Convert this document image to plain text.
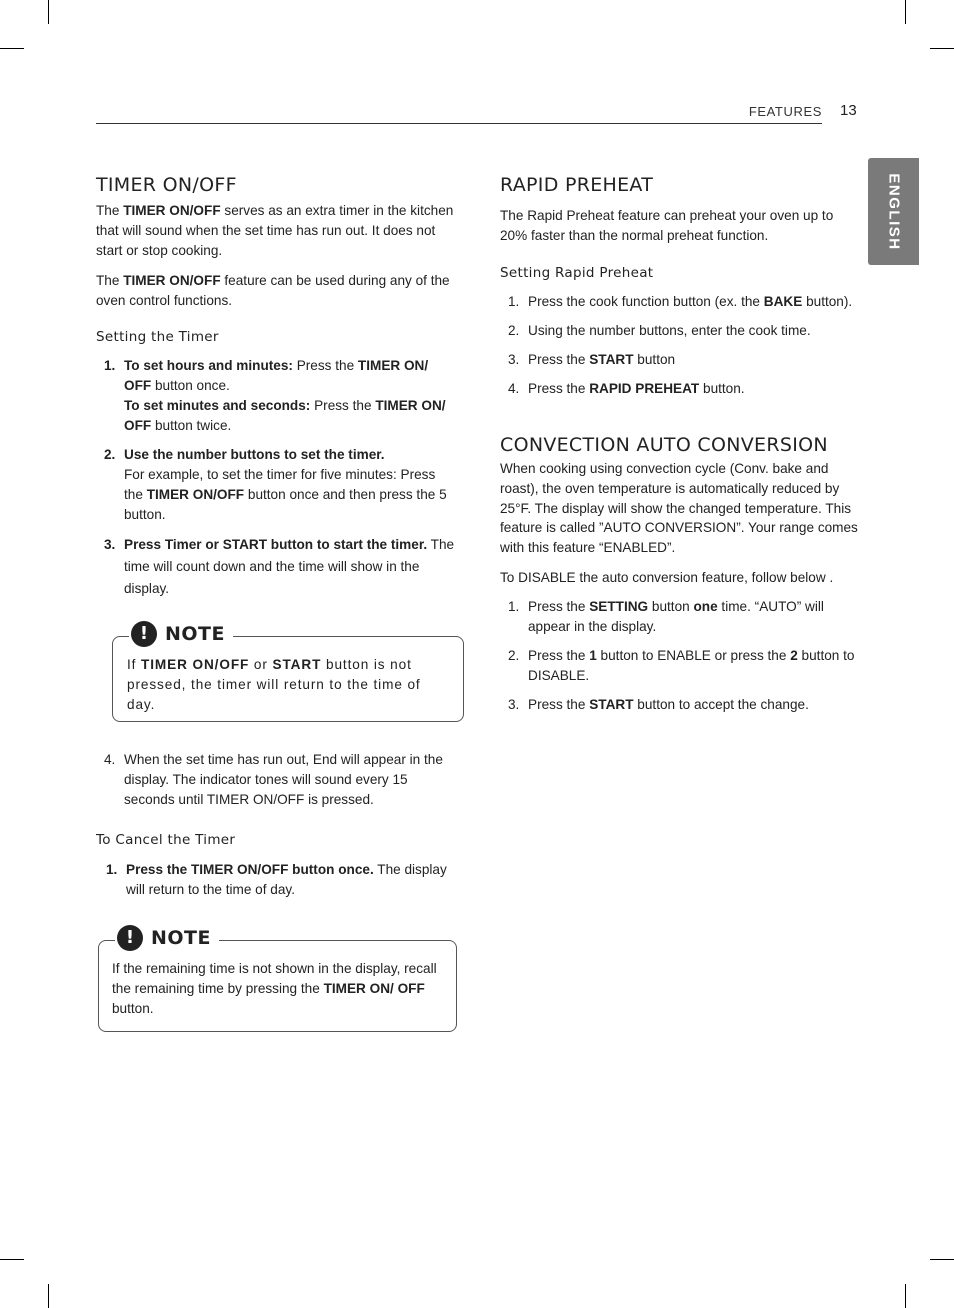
FEATURES 13
ENGLISH
TIMER ON/OFF

The TIMER ON/OFF serves as an extra timer in the kitchen that will sound when the set time has run out. It does not start or stop cooking.

The TIMER ON/OFF feature can be used during any of the oven control functions.

Setting the Timer
1. To set hours and minutes: Press the TIMER ON/ OFF button once.

To set minutes and seconds: Press the TIMER ON/ OFF button twice.

2. Use the number buttons to set the timer.

For example, to set the timer for five minutes: Press the TIMER ON/OFF button once and then press the 5 button.

3. Press Timer or START button to start the timer. The time will count down and the time will show in the display.

! NOTE

If TIMER ON/OFF or START button is not pressed, the timer will return to the time of day.

4. When the set time has run out, End will appear in the display. The indicator tones will sound every 15 seconds until TIMER ON/OFF is pressed.

To Cancel the Timer
1. Press the TIMER ON/OFF button once. The display will return to the time of day.

! NOTE

If the remaining time is not shown in the display, recall the remaining time by pressing the TIMER ON/ OFF button.

RAPID PREHEAT

The Rapid Preheat feature can preheat your oven up to 20% faster than the normal preheat function.

Setting Rapid Preheat
1. Press the cook function button (ex. the BAKE button).

2. Using the number buttons, enter the cook time.

3. Press the START button

4. Press the RAPID PREHEAT button.

CONVECTION AUTO CONVERSION

When cooking using convection cycle (Conv. bake and roast), the oven temperature is automatically reduced by 25°F. The display will show the changed temperature. This feature is called ”AUTO CONVERSION”. Your range comes with this feature “ENABLED”.

To DISABLE the auto conversion feature, follow below .

1. Press the SETTING button one time. “AUTO” will appear in the display.

2. Press the 1 button to ENABLE or press the 2 button to DISABLE.

3. Press the START button to accept the change.
